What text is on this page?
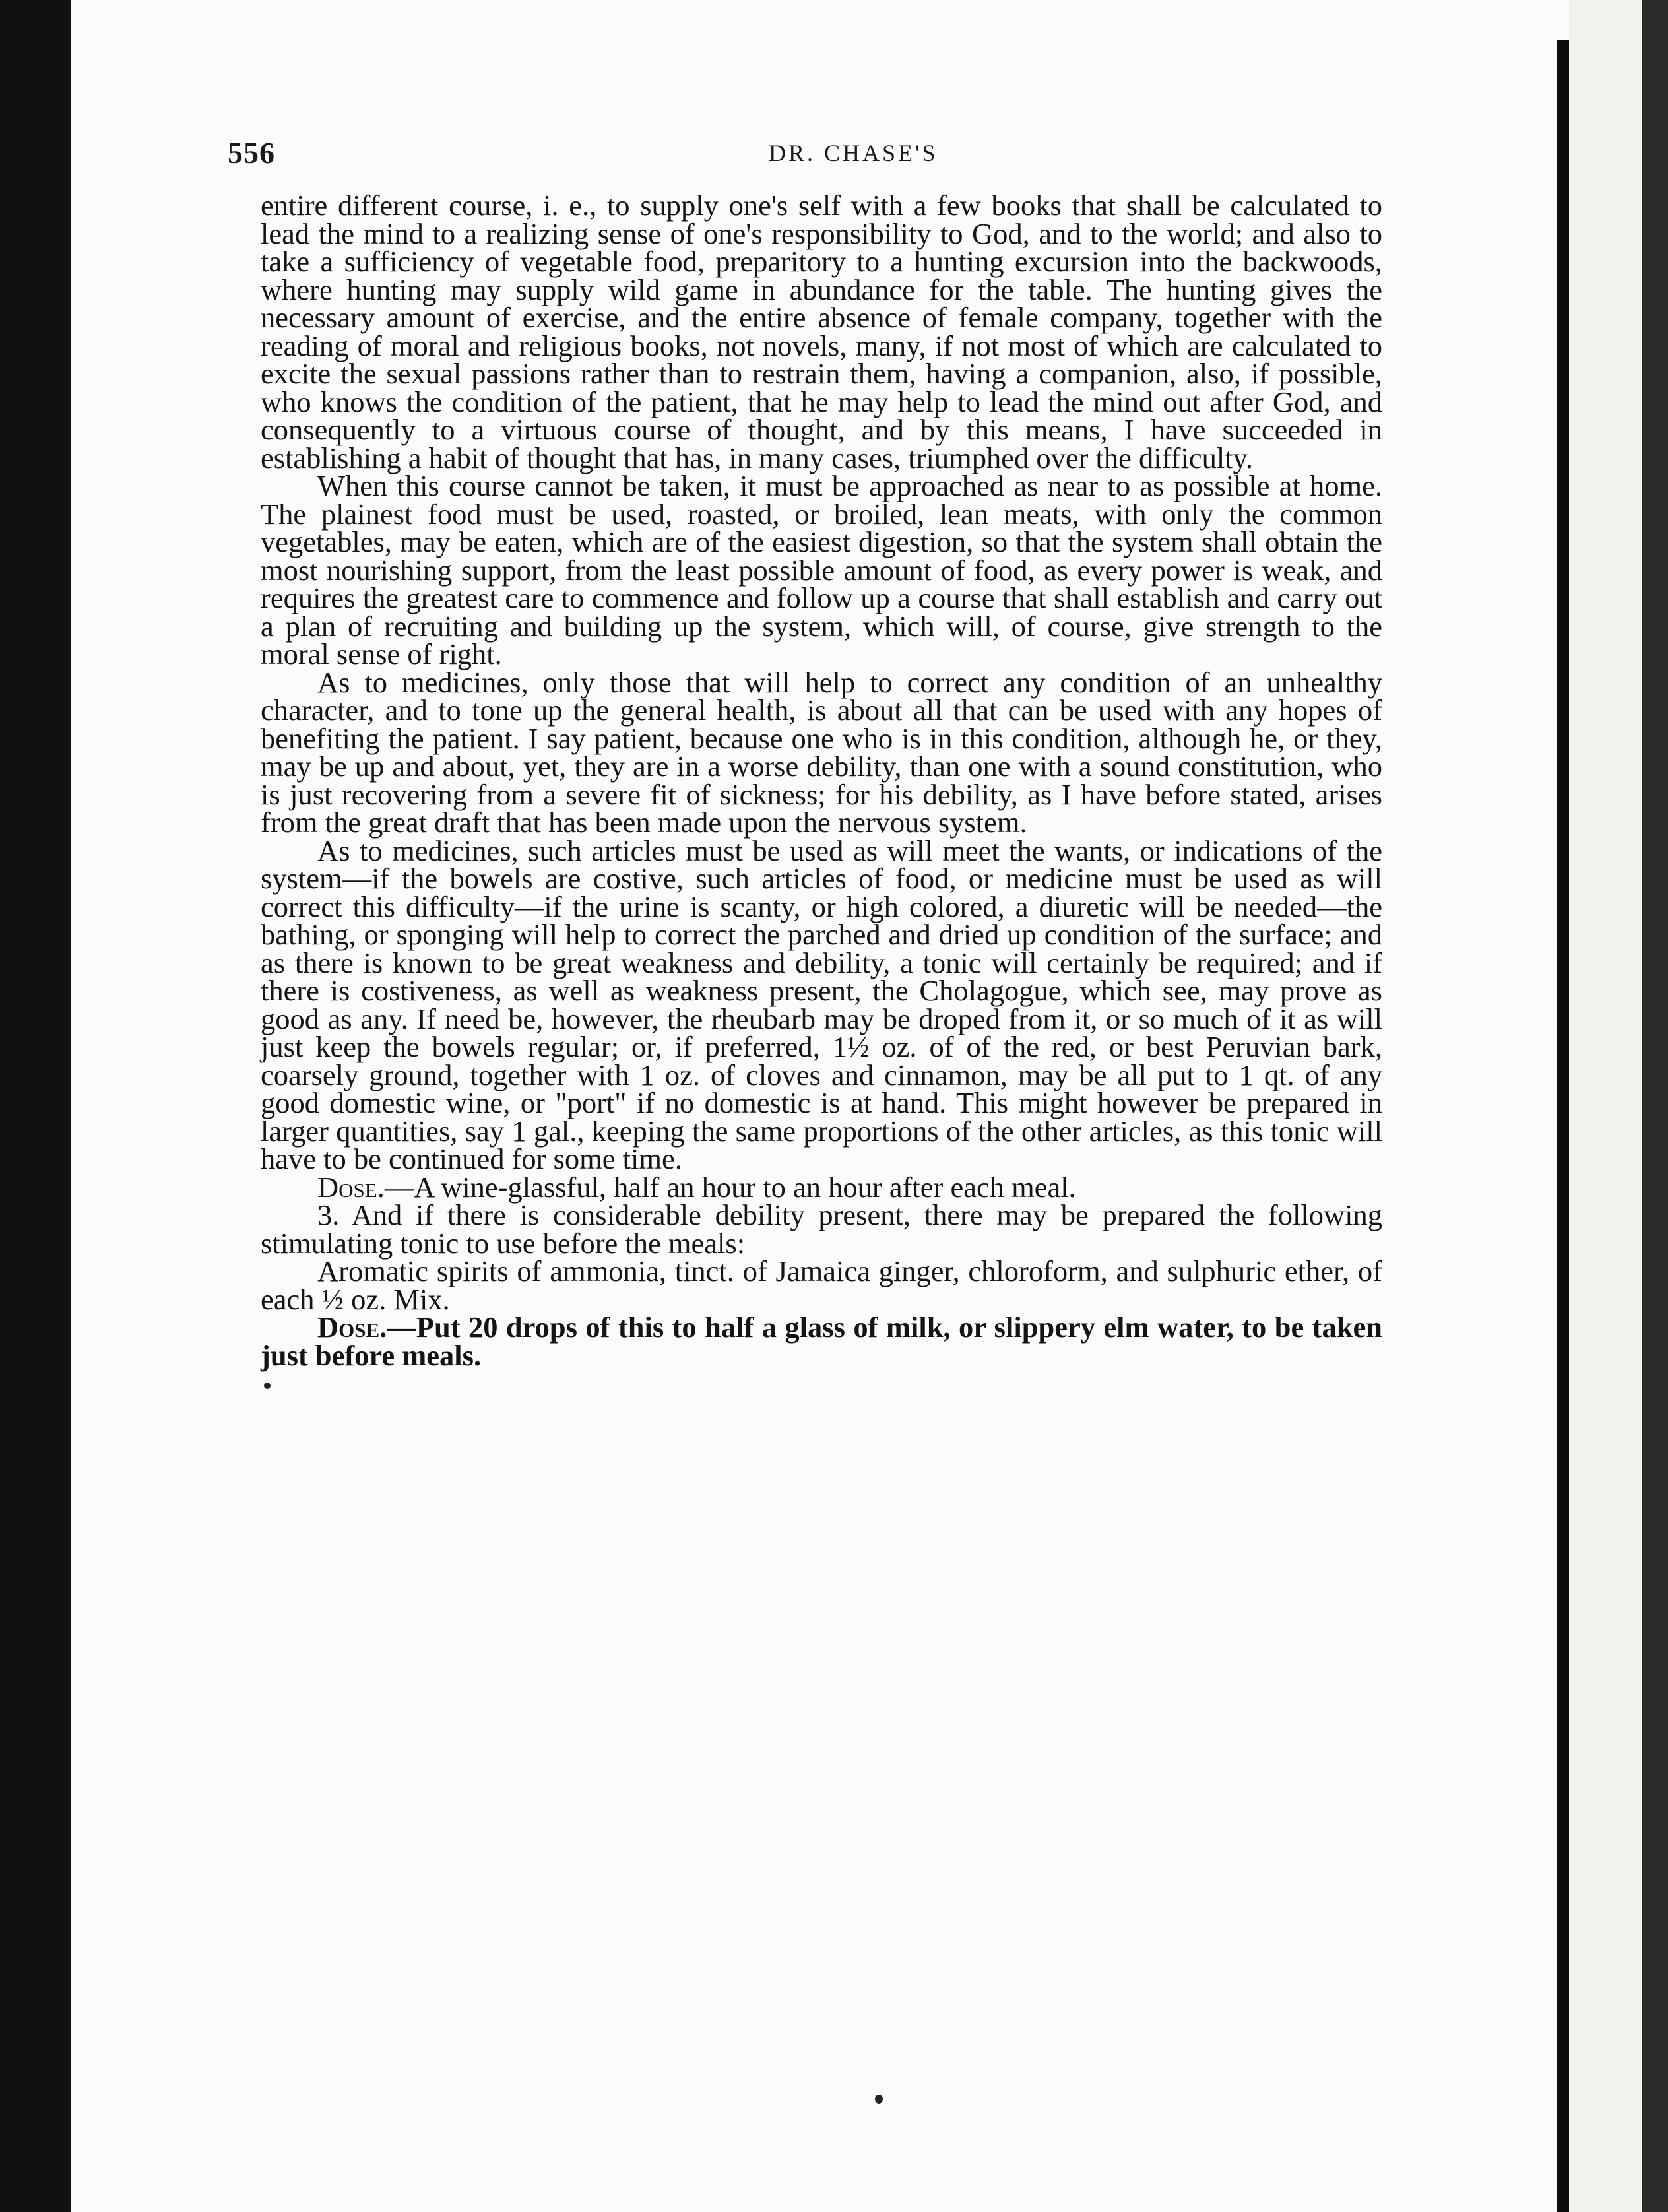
556	DR. CHASE'S

entire different course, i. e., to supply one's self with a few books that shall be calculated to lead the mind to a realizing sense of one's responsibility to God, and to the world; and also to take a sufficiency of vegetable food, preparitory to a hunting excursion into the backwoods, where hunting may supply wild game in abundance for the table. The hunting gives the necessary amount of exercise, and the entire absence of female company, together with the reading of moral and religious books, not novels, many, if not most of which are calculated to excite the sexual passions rather than to restrain them, having a companion, also, if possible, who knows the condition of the patient, that he may help to lead the mind out after God, and consequently to a virtuous course of thought, and by this means, I have succeeded in establishing a habit of thought that has, in many cases, triumphed over the difficulty.

When this course cannot be taken, it must be approached as near to as possible at home. The plainest food must be used, roasted, or broiled, lean meats, with only the common vegetables, may be eaten, which are of the easiest digestion, so that the system shall obtain the most nourishing support, from the least possible amount of food, as every power is weak, and requires the greatest care to commence and follow up a course that shall establish and carry out a plan of recruiting and building up the system, which will, of course, give strength to the moral sense of right.

As to medicines, only those that will help to correct any condition of an unhealthy character, and to tone up the general health, is about all that can be used with any hopes of benefiting the patient. I say patient, because one who is in this condition, although he, or they, may be up and about, yet, they are in a worse debility, than one with a sound constitution, who is just recovering from a severe fit of sickness; for his debility, as I have before stated, arises from the great draft that has been made upon the nervous system.

As to medicines, such articles must be used as will meet the wants, or indications of the system—if the bowels are costive, such articles of food, or medicine must be used as will correct this difficulty—if the urine is scanty, or high colored, a diuretic will be needed—the bathing, or sponging will help to correct the parched and dried up condition of the surface; and as there is known to be great weakness and debility, a tonic will certainly be required; and if there is costiveness, as well as weakness present, the Cholagogue, which see, may prove as good as any. If need be, however, the rheubarb may be droped from it, or so much of it as will just keep the bowels regular; or, if preferred, 1½ oz. of of the red, or best Peruvian bark, coarsely ground, together with 1 oz. of cloves and cinnamon, may be all put to 1 qt. of any good domestic wine, or "port" if no domestic is at hand. This might however be prepared in larger quantities, say 1 gal., keeping the same proportions of the other articles, as this tonic will have to be continued for some time.

Dose.—A wine-glassful, half an hour to an hour after each meal.

3. And if there is considerable debility present, there may be prepared the following stimulating tonic to use before the meals:

Aromatic spirits of ammonia, tinct. of Jamaica ginger, chloroform, and sulphuric ether, of each ½ oz. Mix.

Dose.—Put 20 drops of this to half a glass of milk, or slippery elm water, to be taken just before meals.
